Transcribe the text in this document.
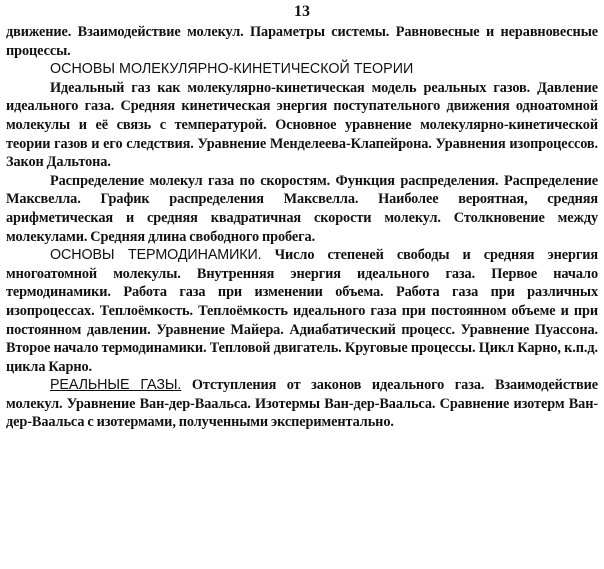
13

движение. Взаимодействие молекул. Параметры системы. Равновесные и неравновесные процессы.

ОСНОВЫ МОЛЕКУЛЯРНО-КИНЕТИЧЕСКОЙ ТЕОРИИ

Идеальный газ как молекулярно-кинетическая модель реальных газов. Давление идеального газа. Средняя кинетическая энергия поступательного движения одноатомной молекулы и её связь с температурой. Основное уравнение молекулярно-кинетической теории газов и его следствия. Уравнение Менделеева-Клапейрона. Уравнения изопроцессов. Закон Дальтона.

Распределение молекул газа по скоростям. Функция распределения. Распределение Максвелла. График распределения Максвелла. Наиболее вероятная, средняя арифметическая и средняя квадратичная скорости молекул. Столкновение между молекулами. Средняя длина свободного пробега.

ОСНОВЫ ТЕРМОДИНАМИКИ. Число степеней свободы и средняя энергия многоатомной молекулы. Внутренняя энергия идеального газа. Первое начало термодинамики. Работа газа при изменении объема. Работа газа при различных изопроцессах. Теплоёмкость. Теплоёмкость идеального газа при постоянном объеме и при постоянном давлении. Уравнение Майера. Адиабатический процесс. Уравнение Пуассона. Второе начало термодинамики. Тепловой двигатель. Круговые процессы. Цикл Карно, к.п.д. цикла Карно.

РЕАЛЬНЫЕ ГАЗЫ. Отступления от законов идеального газа. Взаимодействие молекул. Уравнение Ван-дер-Ваальса. Изотермы Ван-дер-Ваальса. Сравнение изотерм Ван-дер-Ваальса с изотермами, полученными экспериментально.
